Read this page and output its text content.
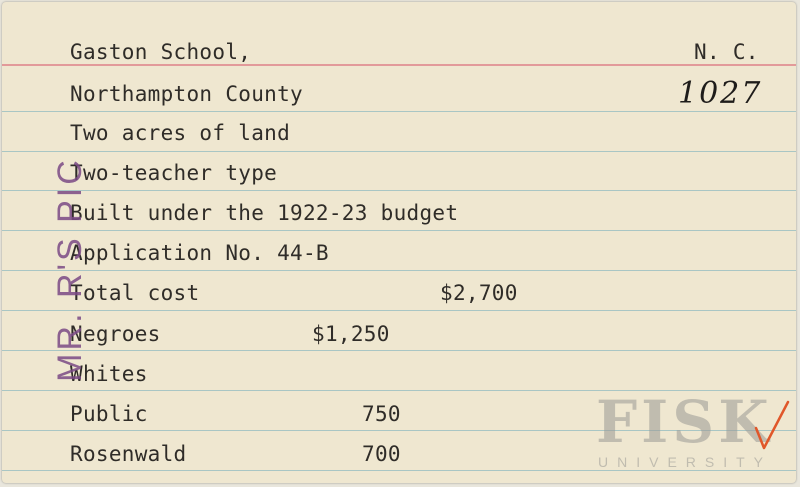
Gaston School,	N. C.
1027
Northampton County
Two acres of land
Two-teacher type
Built under the 1922-23 budget
Application No. 44-B
Total cost	$2,700
Negroes	$1,250
Whites
Public	750
Rosenwald	700
MR. R'S PIC
FISK
UNIVERSITY
